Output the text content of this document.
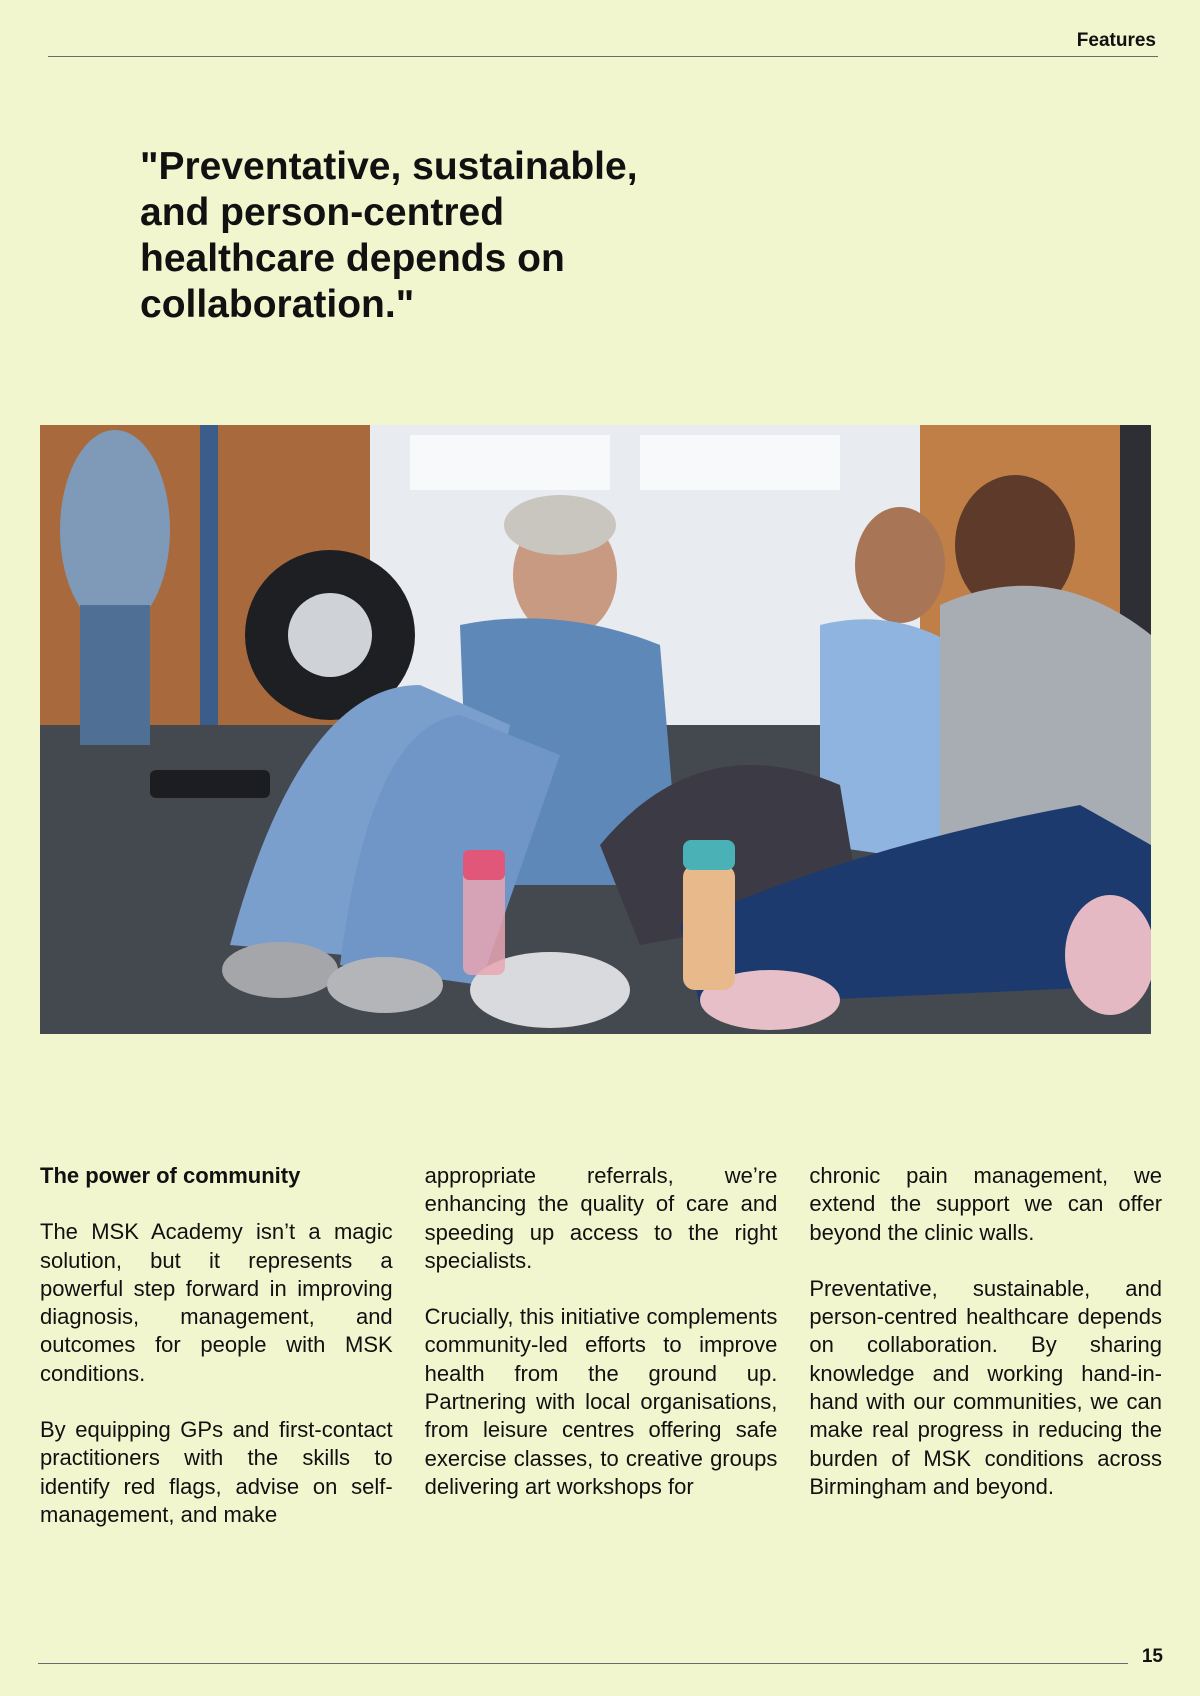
Features
"Preventative, sustainable, and person-centred healthcare depends on collaboration."
The power of community

The MSK Academy isn’t a magic solution, but it represents a powerful step forward in improving diagnosis, management, and outcomes for people with MSK conditions.

By equipping GPs and first-contact practitioners with the skills to identify red flags, advise on self-management, and make

appropriate referrals, we’re enhancing the quality of care and speeding up access to the right specialists.

Crucially, this initiative complements community-led efforts to improve health from the ground up. Partnering with local organisations, from leisure centres offering safe exercise classes, to creative groups delivering art workshops for

chronic pain management, we extend the support we can offer beyond the clinic walls.

Preventative, sustainable, and person-centred healthcare depends on collaboration. By sharing knowledge and working hand-in-hand with our communities, we can make real progress in reducing the burden of MSK conditions across Birmingham and beyond.

15
